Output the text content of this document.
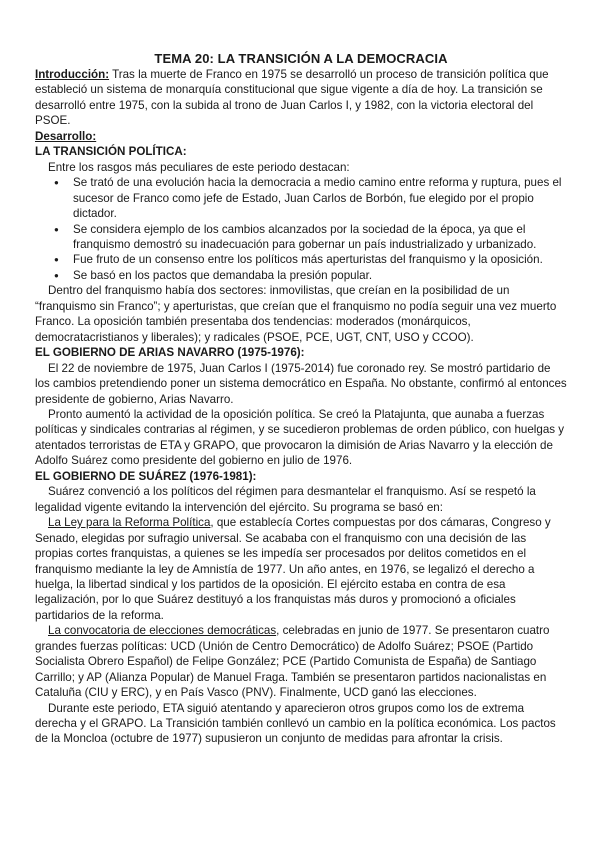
TEMA 20: LA TRANSICIÓN A LA DEMOCRACIA

Introducción: Tras la muerte de Franco en 1975 se desarrolló un proceso de transición política que estableció un sistema de monarquía constitucional que sigue vigente a día de hoy. La transición se desarrolló entre 1975, con la subida al trono de Juan Carlos I, y 1982, con la victoria electoral del PSOE.

Desarrollo:

LA TRANSICIÓN POLÍTICA:

Entre los rasgos más peculiares de este periodo destacan:

● Se trató de una evolución hacia la democracia a medio camino entre reforma y ruptura, pues el sucesor de Franco como jefe de Estado, Juan Carlos de Borbón, fue elegido por el propio dictador.
● Se considera ejemplo de los cambios alcanzados por la sociedad de la época, ya que el franquismo demostró su inadecuación para gobernar un país industrializado y urbanizado.
● Fue fruto de un consenso entre los políticos más aperturistas del franquismo y la oposición.
● Se basó en los pactos que demandaba la presión popular.

Dentro del franquismo había dos sectores: inmovilistas, que creían en la posibilidad de un “franquismo sin Franco”; y aperturistas, que creían que el franquismo no podía seguir una vez muerto Franco. La oposición también presentaba dos tendencias: moderados (monárquicos, democratacristianos y liberales); y radicales (PSOE, PCE, UGT, CNT, USO y CCOO).

EL GOBIERNO DE ARIAS NAVARRO (1975-1976):

El 22 de noviembre de 1975, Juan Carlos I (1975-2014) fue coronado rey. Se mostró partidario de los cambios pretendiendo poner un sistema democrático en España. No obstante, confirmó al entonces presidente de gobierno, Arias Navarro.

Pronto aumentó la actividad de la oposición política. Se creó la Platajunta, que aunaba a fuerzas políticas y sindicales contrarias al régimen, y se sucedieron problemas de orden público, con huelgas y atentados terroristas de ETA y GRAPO, que provocaron la dimisión de Arias Navarro y la elección de Adolfo Suárez como presidente del gobierno en julio de 1976.

EL GOBIERNO DE SUÁREZ (1976-1981):

Suárez convenció a los políticos del régimen para desmantelar el franquismo. Así se respetó la legalidad vigente evitando la intervención del ejército. Su programa se basó en:

La Ley para la Reforma Política, que establecía Cortes compuestas por dos cámaras, Congreso y Senado, elegidas por sufragio universal. Se acababa con el franquismo con una decisión de las propias cortes franquistas, a quienes se les impedía ser procesados por delitos cometidos en el franquismo mediante la ley de Amnistía de 1977. Un año antes, en 1976, se legalizó el derecho a huelga, la libertad sindical y los partidos de la oposición. El ejército estaba en contra de esa legalización, por lo que Suárez destituyó a los franquistas más duros y promocionó a oficiales partidarios de la reforma.

La convocatoria de elecciones democráticas, celebradas en junio de 1977. Se presentaron cuatro grandes fuerzas políticas: UCD (Unión de Centro Democrático) de Adolfo Suárez; PSOE (Partido Socialista Obrero Español) de Felipe González; PCE (Partido Comunista de España) de Santiago Carrillo; y AP (Alianza Popular) de Manuel Fraga. También se presentaron partidos nacionalistas en Cataluña (CIU y ERC), y en País Vasco (PNV). Finalmente, UCD ganó las elecciones.

Durante este periodo, ETA siguió atentando y aparecieron otros grupos como los de extrema derecha y el GRAPO. La Transición también conllevó un cambio en la política económica. Los pactos de la Moncloa (octubre de 1977) supusieron un conjunto de medidas para afrontar la crisis.
